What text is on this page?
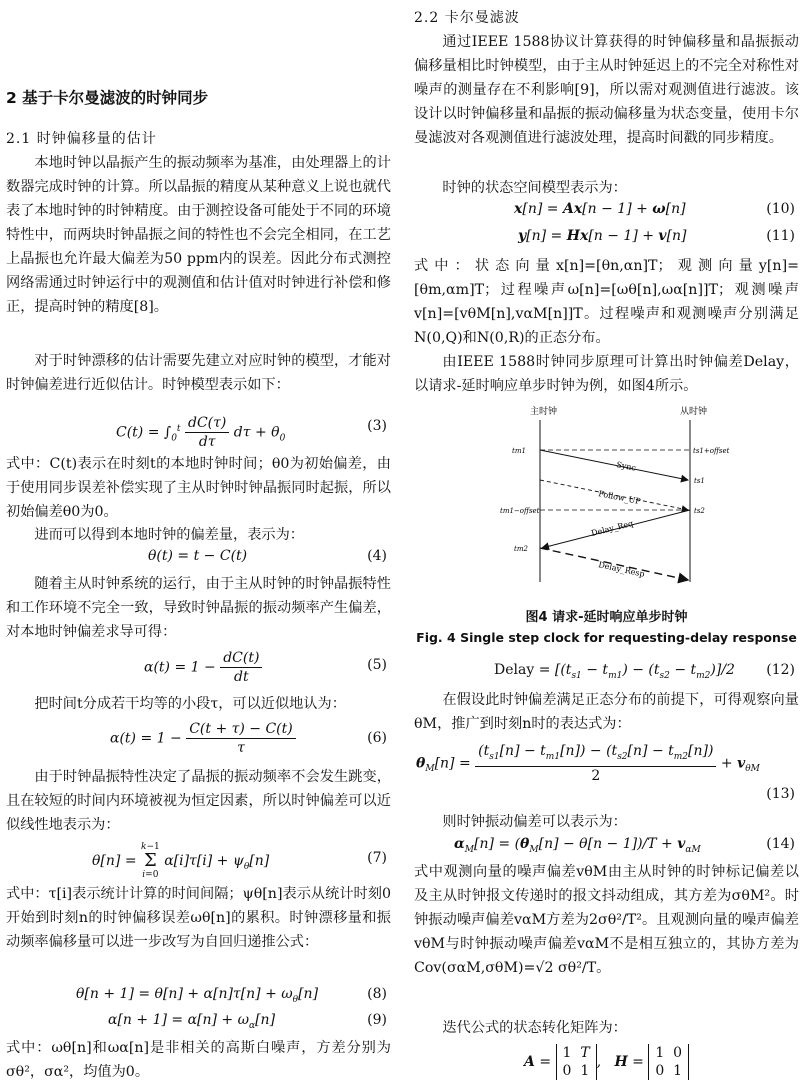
2 基于卡尔曼滤波的时钟同步
2.1 时钟偏移量的估计

本地时钟以晶振产生的振动频率为基准，由处理器上的计数器完成时钟的计算。所以晶振的精度从某种意义上说也就代表了本地时钟的时钟精度。由于测控设备可能处于不同的环境特性中，而两块时钟晶振之间的特性也不会完全相同，在工艺上晶振也允许最大偏差为50 ppm内的误差。因此分布式测控网络需通过时钟运行中的观测值和估计值对时钟进行补偿和修正，提高时钟的精度[8]。

对于时钟漂移的估计需要先建立对应时钟的模型，才能对时钟偏差进行近似估计。时钟模型表示如下：

$C(t) = \int_0^t \frac{dC(\tau)}{d\tau}$ $d\tau + \theta_0$
(3)

式中：C(t)表示在时刻t的本地时钟时间；θ0为初始偏差，由于使用同步误差补偿实现了主从时钟时钟晶振同时起振，所以初始偏差θ0为0。

进而可以得到本地时钟的偏差量，表示为：

θ(t) = t − C(t)	(4)

随着主从时钟系统的运行，由于主从时钟的时钟晶振特性和工作环境不完全一致，导致时钟晶振的振动频率产生偏差，对本地时钟偏差求导可得：

$\alpha(t) = 1 - \frac{dC(t)}{dt}$	(5)

把时间t分成若干均等的小段τ，可以近似地认为：

$\alpha(t) = 1 - \frac{C(t + \tau) - C(t)}{\tau}$	(6)

由于时钟晶振特性决定了晶振的振动频率不会发生跳变，且在较短的时间内环境被视为恒定因素，所以时钟偏差可以近似线性地表示为：

θ[n] =
k−1
Σ
i=0
$\alpha[i]\tau[i] + \psi_\theta[n]$	(7)

式中：τ[i]表示统计计算的时间间隔；ψθ[n]表示从统计时刻0开始到时刻n的时钟偏移误差ωθ[n]的累积。时钟漂移量和振动频率偏移量可以进一步改写为自回归递推公式：

$\theta[n + 1] = \theta[n] + \alpha[n]\tau[n] + \omega_\theta[n]$	(8)
$\alpha[n + 1] = \alpha[n] + \omega_\alpha[n]$	(9)

式中：ωθ[n]和ωα[n]是非相关的高斯白噪声，方差分别为σθ²，σα²，均值为0。

2.2 卡尔曼滤波

通过IEEE 1588协议计算获得的时钟偏移量和晶振振动偏移量相比时钟模型，由于主从时钟延迟上的不完全对称性对噪声的测量存在不利影响[9]，所以需对观测值进行滤波。该设计以时钟偏移量和晶振的振动偏移量为状态变量，使用卡尔曼滤波对各观测值进行滤波处理，提高时间戳的同步精度。

时钟的状态空间模型表示为：

x[n] = Ax[n − 1] + ω[n]	(10)
y[n] = Hx[n − 1] + v[n]	(11)

式中：状态向量x[n]=[θn,αn]T；观测向量y[n]=[θm,αm]T；过程噪声ω[n]=[ωθ[n],ωα[n]]T；观测噪声v[n]=[vθM[n],vαM[n]]T。过程噪声和观测噪声分别满足N(0,Q)和N(0,R)的正态分布。

由IEEE 1588时钟同步原理可计算出时钟偏差Delay，以请求-延时响应单步时钟为例，如图4所示。

主时钟	从时钟
tm1	ts1+offset
ts1
tm1−offset	ts2
tm2
Sync
Follow_UP
Delay_Req
Delay_Resp
图4 请求-延时响应单步时钟
Fig. 4 Single step clock for requesting-delay response
Delay = $[(t_{s1} - t_{m1}) - (t_{s2} - t_{m2})]/2$ (12)

在假设此时钟偏差满足正态分布的前提下，可得观察向量θM，推广到时刻n时的表达式为：

$\theta_M[n] = \frac{(t_{s1}[n] - t_{m1}[n]) - (t_{s2}[n] - t_{m2}[n])}{2} + v_{\theta M}$
(13)

则时钟振动偏差可以表示为：

$\alpha_M[n] = (\theta_M[n] - \theta[n - 1])/T + v_{\alpha M}$	(14)

式中观测向量的噪声偏差vθM由主从时钟的时钟标记偏差以及主从时钟报文传递时的报文抖动组成，其方差为σθM²。时钟振动噪声偏差vαM方差为2σθ²/T²。且观测向量的噪声偏差vθM与时钟振动噪声偏差vαM不是相互独立的，其协方差为Cov(σαM,σθM)=√2 σθ²/T。

迭代公式的状态转化矩阵为：

A = 1  T
0  1,   H = 1  0
0  1
